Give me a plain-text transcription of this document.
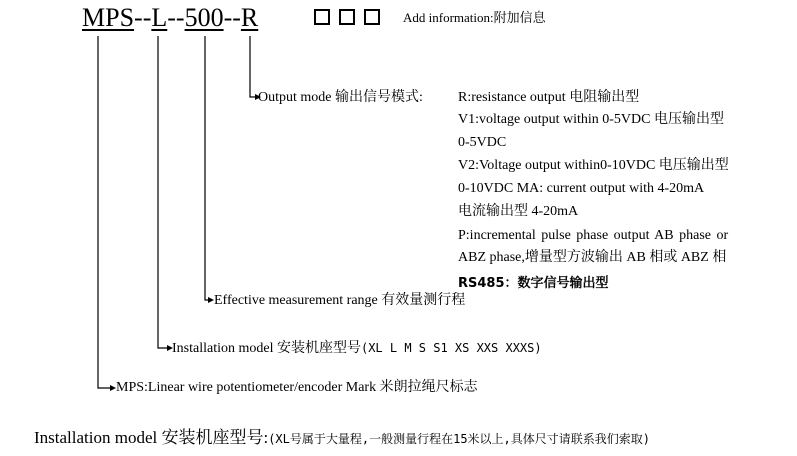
MPS--L--500--R	Add information:附加信息
Output mode 输出信号模式:	R:resistance output 电阻输出型
V1:voltage output within 0-5VDC 电压输出型
0-5VDC
V2:Voltage output within0-10VDC 电压输出型
0-10VDC MA: current output with 4-20mA
电流输出型 4-20mA
P:incremental pulse phase output AB phase or
ABZ phase,增量型方波输出 AB 相或 ABZ 相
RS485：数字信号输出型
Effective measurement range 有效量测行程
Installation model 安装机座型号(XL L M S S1 XS XXS XXXS)
MPS:Linear wire potentiometer/encoder Mark 米朗拉绳尺标志
Installation model 安装机座型号:(XL号属于大量程,一般测量行程在15米以上,具体尺寸请联系我们索取)
